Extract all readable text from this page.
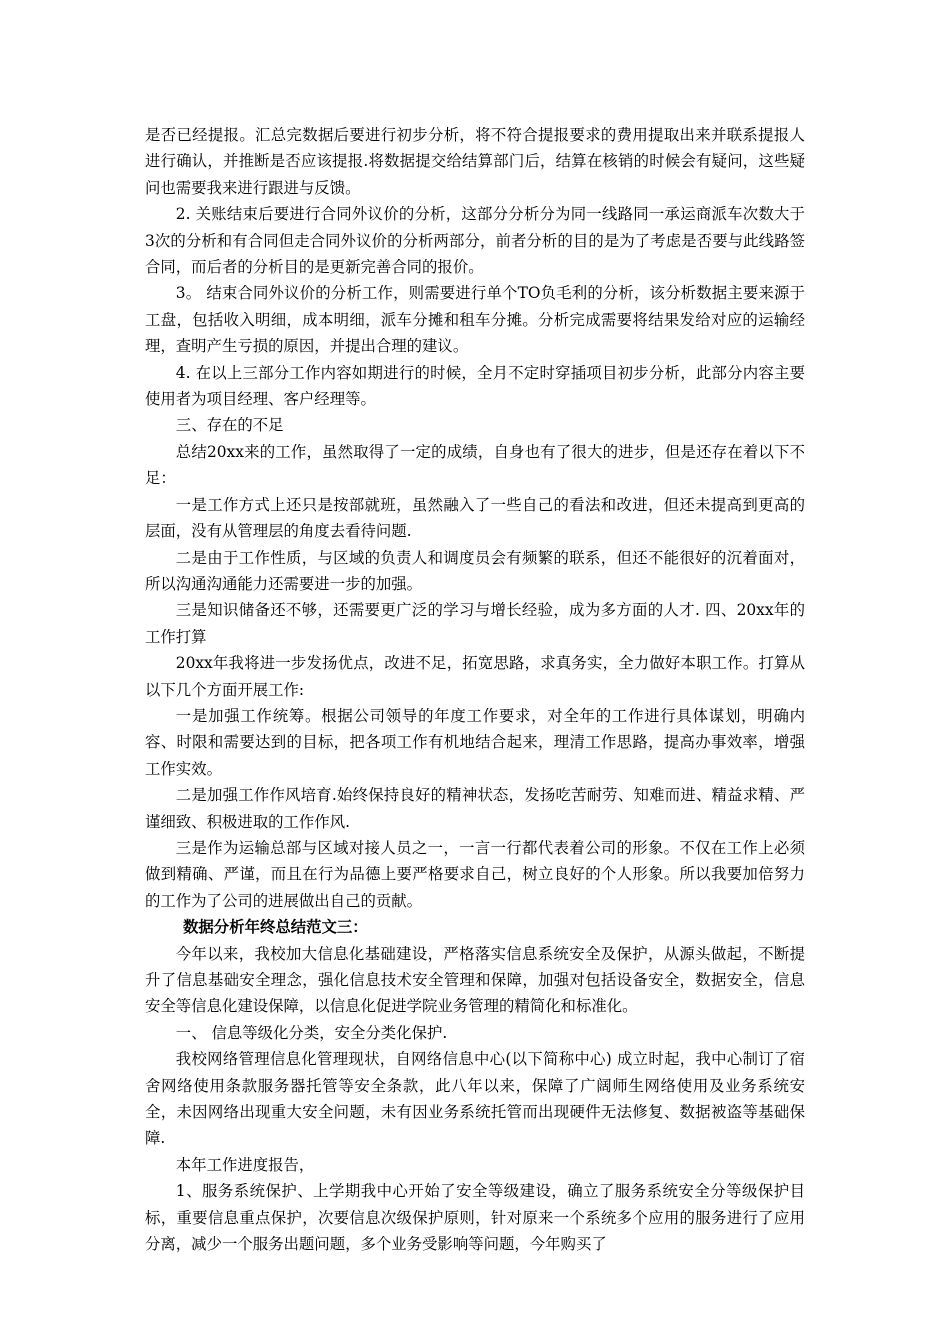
是否已经提报。汇总完数据后要进行初步分析，将不符合提报要求的费用提取出来并联系提报人进行确认，并推断是否应该提报.将数据提交给结算部门后，结算在核销的时候会有疑问，这些疑问也需要我来进行跟进与反馈。

2. 关账结束后要进行合同外议价的分析，这部分分析分为同一线路同一承运商派车次数大于3次的分析和有合同但走合同外议价的分析两部分，前者分析的目的是为了考虑是否要与此线路签合同，而后者的分析目的是更新完善合同的报价。

3。 结束合同外议价的分析工作，则需要进行单个TO负毛利的分析，该分析数据主要来源于工盘，包括收入明细，成本明细，派车分摊和租车分摊。分析完成需要将结果发给对应的运输经理，查明产生亏损的原因，并提出合理的建议。

4. 在以上三部分工作内容如期进行的时候，全月不定时穿插项目初步分析，此部分内容主要使用者为项目经理、客户经理等。

三、存在的不足

总结20xx来的工作，虽然取得了一定的成绩，自身也有了很大的进步，但是还存在着以下不足：

一是工作方式上还只是按部就班，虽然融入了一些自己的看法和改进，但还未提高到更高的层面，没有从管理层的角度去看待问题.

二是由于工作性质，与区域的负责人和调度员会有频繁的联系，但还不能很好的沉着面对，所以沟通沟通能力还需要进一步的加强。

三是知识储备还不够，还需要更广泛的学习与增长经验，成为多方面的人才. 四、20xx年的工作打算

20xx年我将进一步发扬优点，改进不足，拓宽思路，求真务实，全力做好本职工作。打算从以下几个方面开展工作:

一是加强工作统筹。根据公司领导的年度工作要求，对全年的工作进行具体谋划，明确内容、时限和需要达到的目标，把各项工作有机地结合起来，理清工作思路，提高办事效率，增强工作实效。

二是加强工作作风培育.始终保持良好的精神状态，发扬吃苦耐劳、知难而进、精益求精、严谨细致、积极进取的工作作风.

三是作为运输总部与区域对接人员之一，一言一行都代表着公司的形象。不仅在工作上必须做到精确、严谨，而且在行为品德上要严格要求自己，树立良好的个人形象。所以我要加倍努力的工作为了公司的进展做出自己的贡献。

数据分析年终总结范文三：

今年以来，我校加大信息化基础建设，严格落实信息系统安全及保护，从源头做起，不断提升了信息基础安全理念，强化信息技术安全管理和保障，加强对包括设备安全，数据安全，信息安全等信息化建设保障，以信息化促进学院业务管理的精简化和标准化。

一、 信息等级化分类，安全分类化保护.

我校网络管理信息化管理现状，自网络信息中心(以下简称中心) 成立时起，我中心制订了宿舍网络使用条款服务器托管等安全条款，此八年以来，保障了广阔师生网络使用及业务系统安全，未因网络出现重大安全问题，未有因业务系统托管而出现硬件无法修复、数据被盗等基础保障.

本年工作进度报告，

1、服务系统保护、上学期我中心开始了安全等级建设，确立了服务系统安全分等级保护目标，重要信息重点保护，次要信息次级保护原则，针对原来一个系统多个应用的服务进行了应用分离，减少一个服务出题问题，多个业务受影响等问题，今年购买了
